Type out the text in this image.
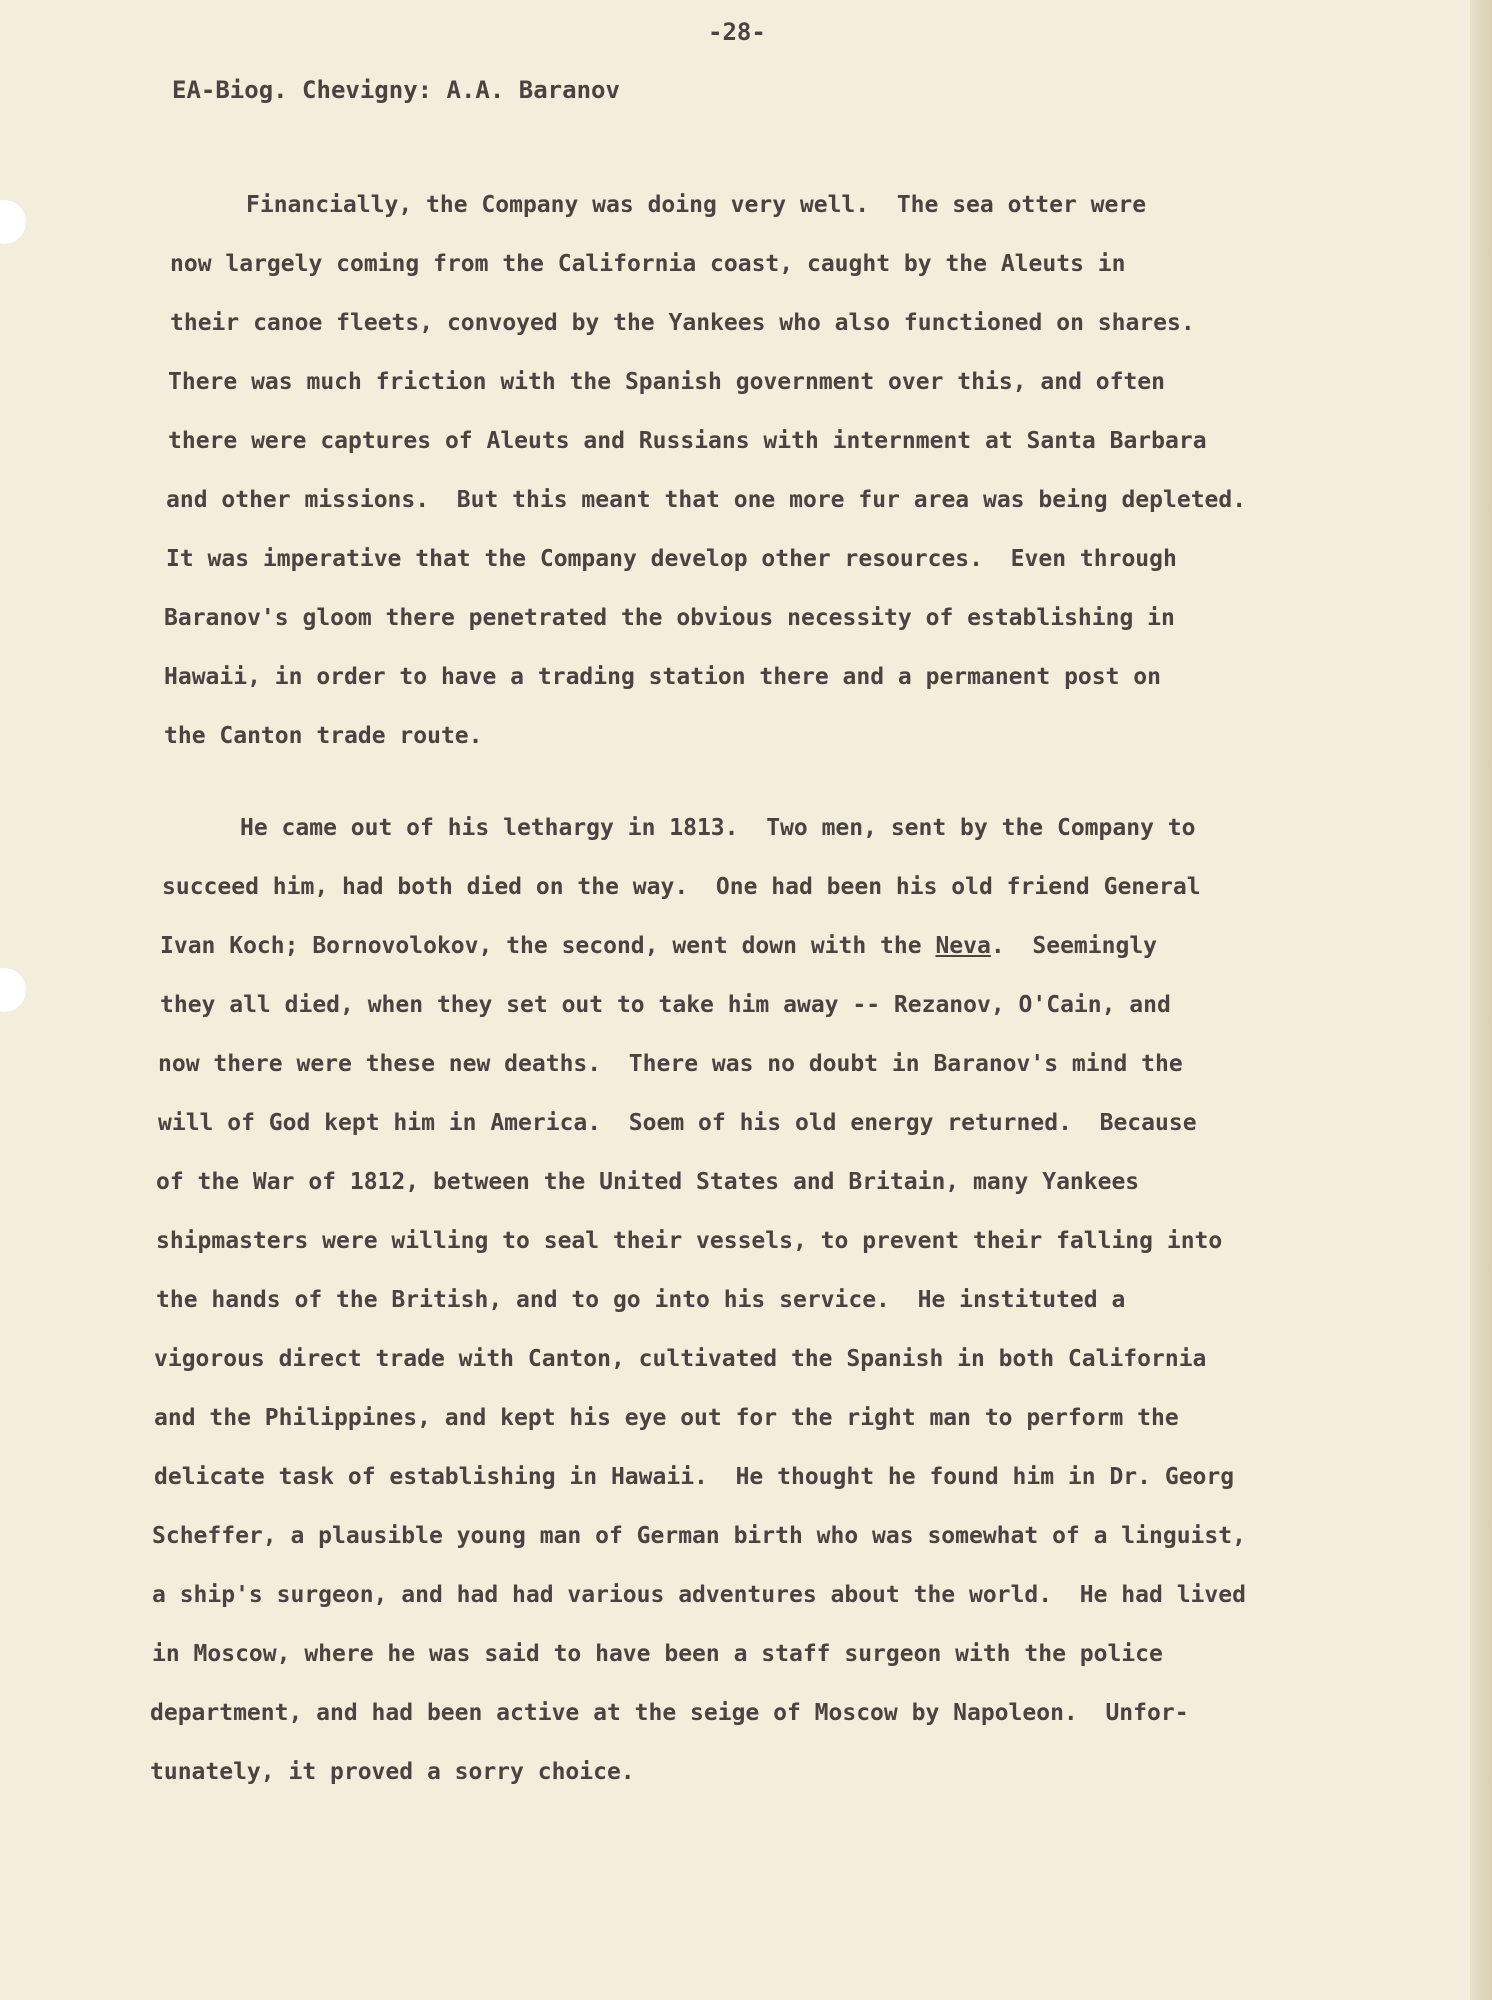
-28-
EA-Biog. Chevigny: A.A. Baranov
Financially, the Company was doing very well.  The sea otter were
now largely coming from the California coast, caught by the Aleuts in
their canoe fleets, convoyed by the Yankees who also functioned on shares.
There was much friction with the Spanish government over this, and often
there were captures of Aleuts and Russians with internment at Santa Barbara
and other missions.  But this meant that one more fur area was being depleted.
It was imperative that the Company develop other resources.  Even through
Baranov's gloom there penetrated the obvious necessity of establishing in
Hawaii, in order to have a trading station there and a permanent post on
the Canton trade route.
He came out of his lethargy in 1813.  Two men, sent by the Company to
succeed him, had both died on the way.  One had been his old friend General
Ivan Koch; Bornovolokov, the second, went down with the Neva.  Seemingly
they all died, when they set out to take him away -- Rezanov, O'Cain, and
now there were these new deaths.  There was no doubt in Baranov's mind the
will of God kept him in America.  Soem of his old energy returned.  Because
of the War of 1812, between the United States and Britain, many Yankees
shipmasters were willing to seal their vessels, to prevent their falling into
the hands of the British, and to go into his service.  He instituted a
vigorous direct trade with Canton, cultivated the Spanish in both California
and the Philippines, and kept his eye out for the right man to perform the
delicate task of establishing in Hawaii.  He thought he found him in Dr. Georg
Scheffer, a plausible young man of German birth who was somewhat of a linguist,
a ship's surgeon, and had had various adventures about the world.  He had lived
in Moscow, where he was said to have been a staff surgeon with the police
department, and had been active at the seige of Moscow by Napoleon.  Unfor-
tunately, it proved a sorry choice.
